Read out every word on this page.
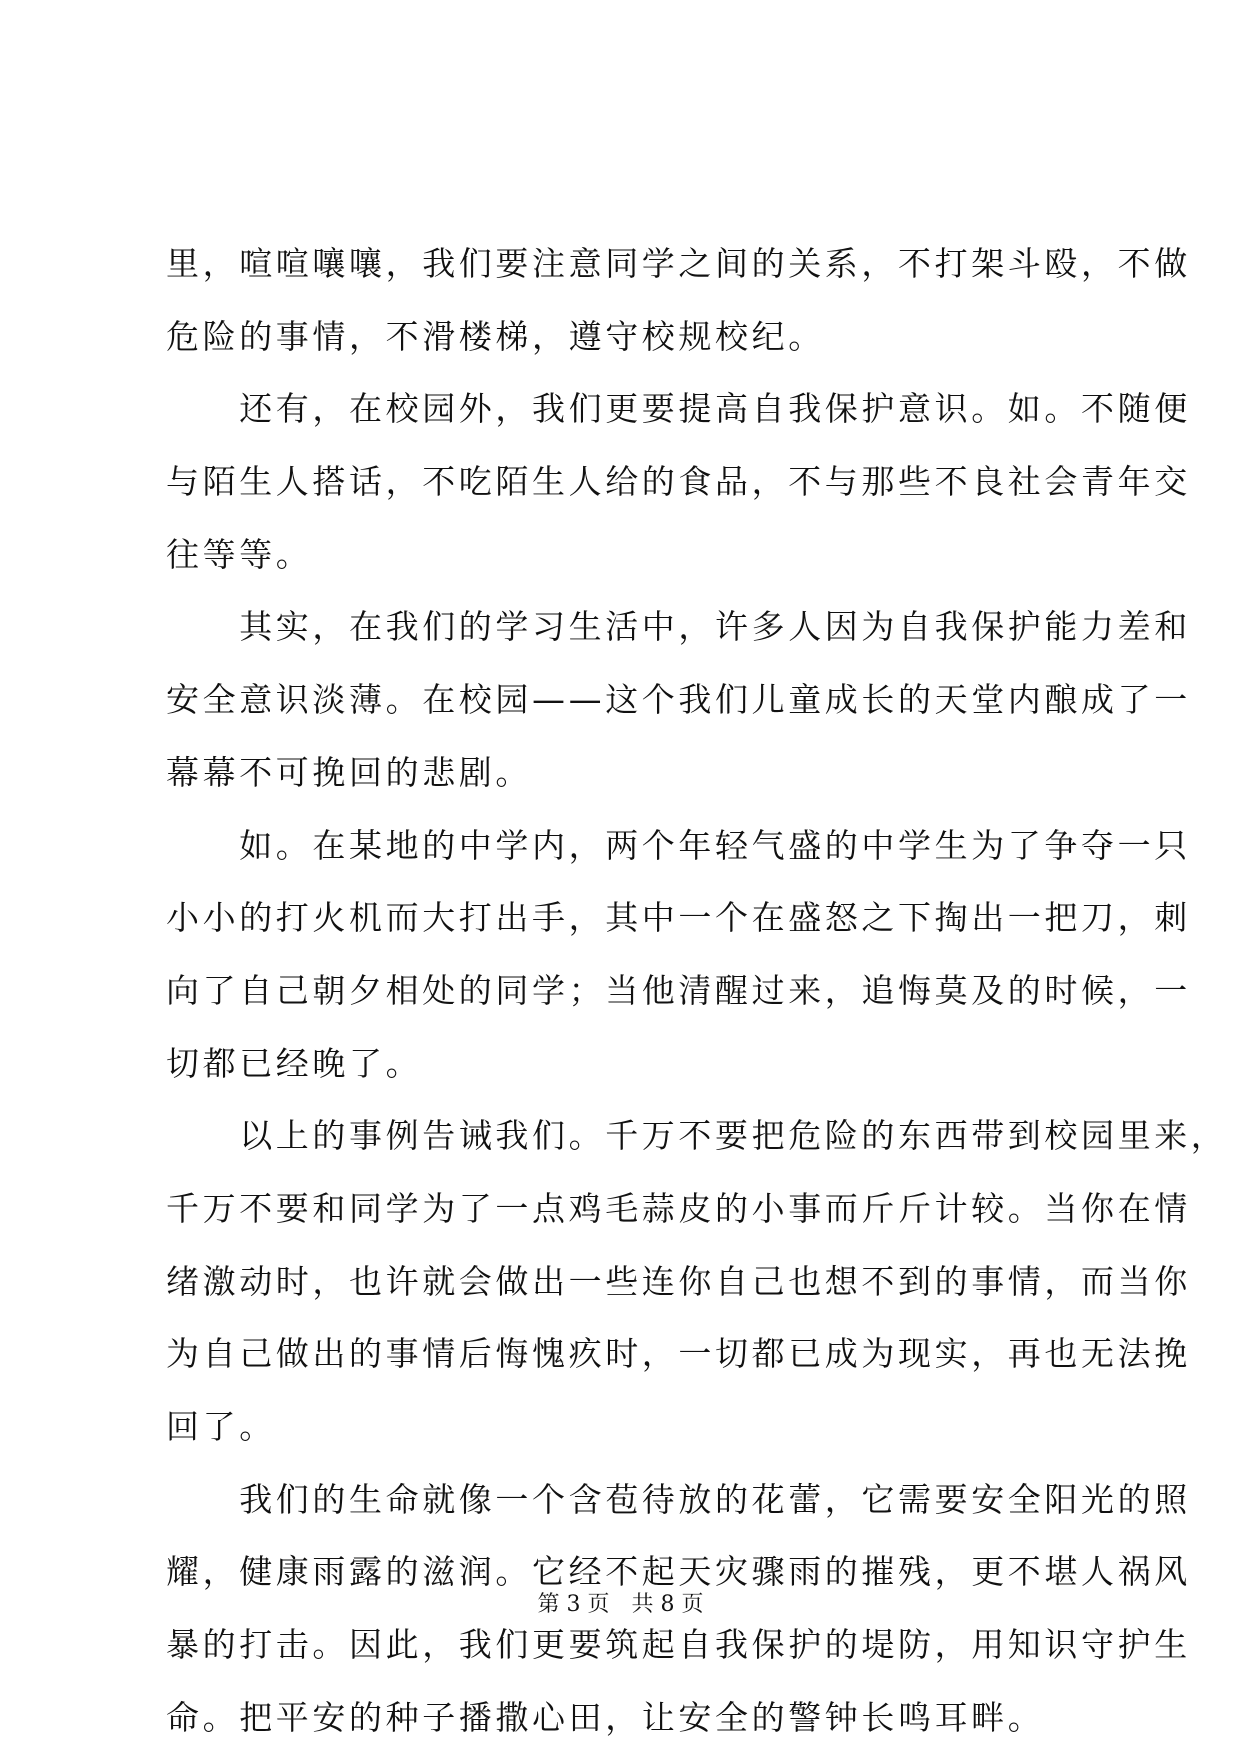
里，喧喧嚷嚷，我们要注意同学之间的关系，不打架斗殴，不做
危险的事情，不滑楼梯，遵守校规校纪。
　　还有，在校园外，我们更要提高自我保护意识。如。不随便
与陌生人搭话，不吃陌生人给的食品，不与那些不良社会青年交
往等等。
　　其实，在我们的学习生活中，许多人因为自我保护能力差和
安全意识淡薄。在校园——这个我们儿童成长的天堂内酿成了一
幕幕不可挽回的悲剧。
　　如。在某地的中学内，两个年轻气盛的中学生为了争夺一只
小小的打火机而大打出手，其中一个在盛怒之下掏出一把刀，刺
向了自己朝夕相处的同学；当他清醒过来，追悔莫及的时候，一
切都已经晚了。
　　以上的事例告诫我们。千万不要把危险的东西带到校园里来，
千万不要和同学为了一点鸡毛蒜皮的小事而斤斤计较。当你在情
绪激动时，也许就会做出一些连你自己也想不到的事情，而当你
为自己做出的事情后悔愧疚时，一切都已成为现实，再也无法挽
回了。
　　我们的生命就像一个含苞待放的花蕾，它需要安全阳光的照
耀，健康雨露的滋润。它经不起天灾骤雨的摧残，更不堪人祸风
暴的打击。因此，我们更要筑起自我保护的堤防，用知识守护生
命。把平安的种子播撒心田，让安全的警钟长鸣耳畔。
第 3 页　共 8 页
